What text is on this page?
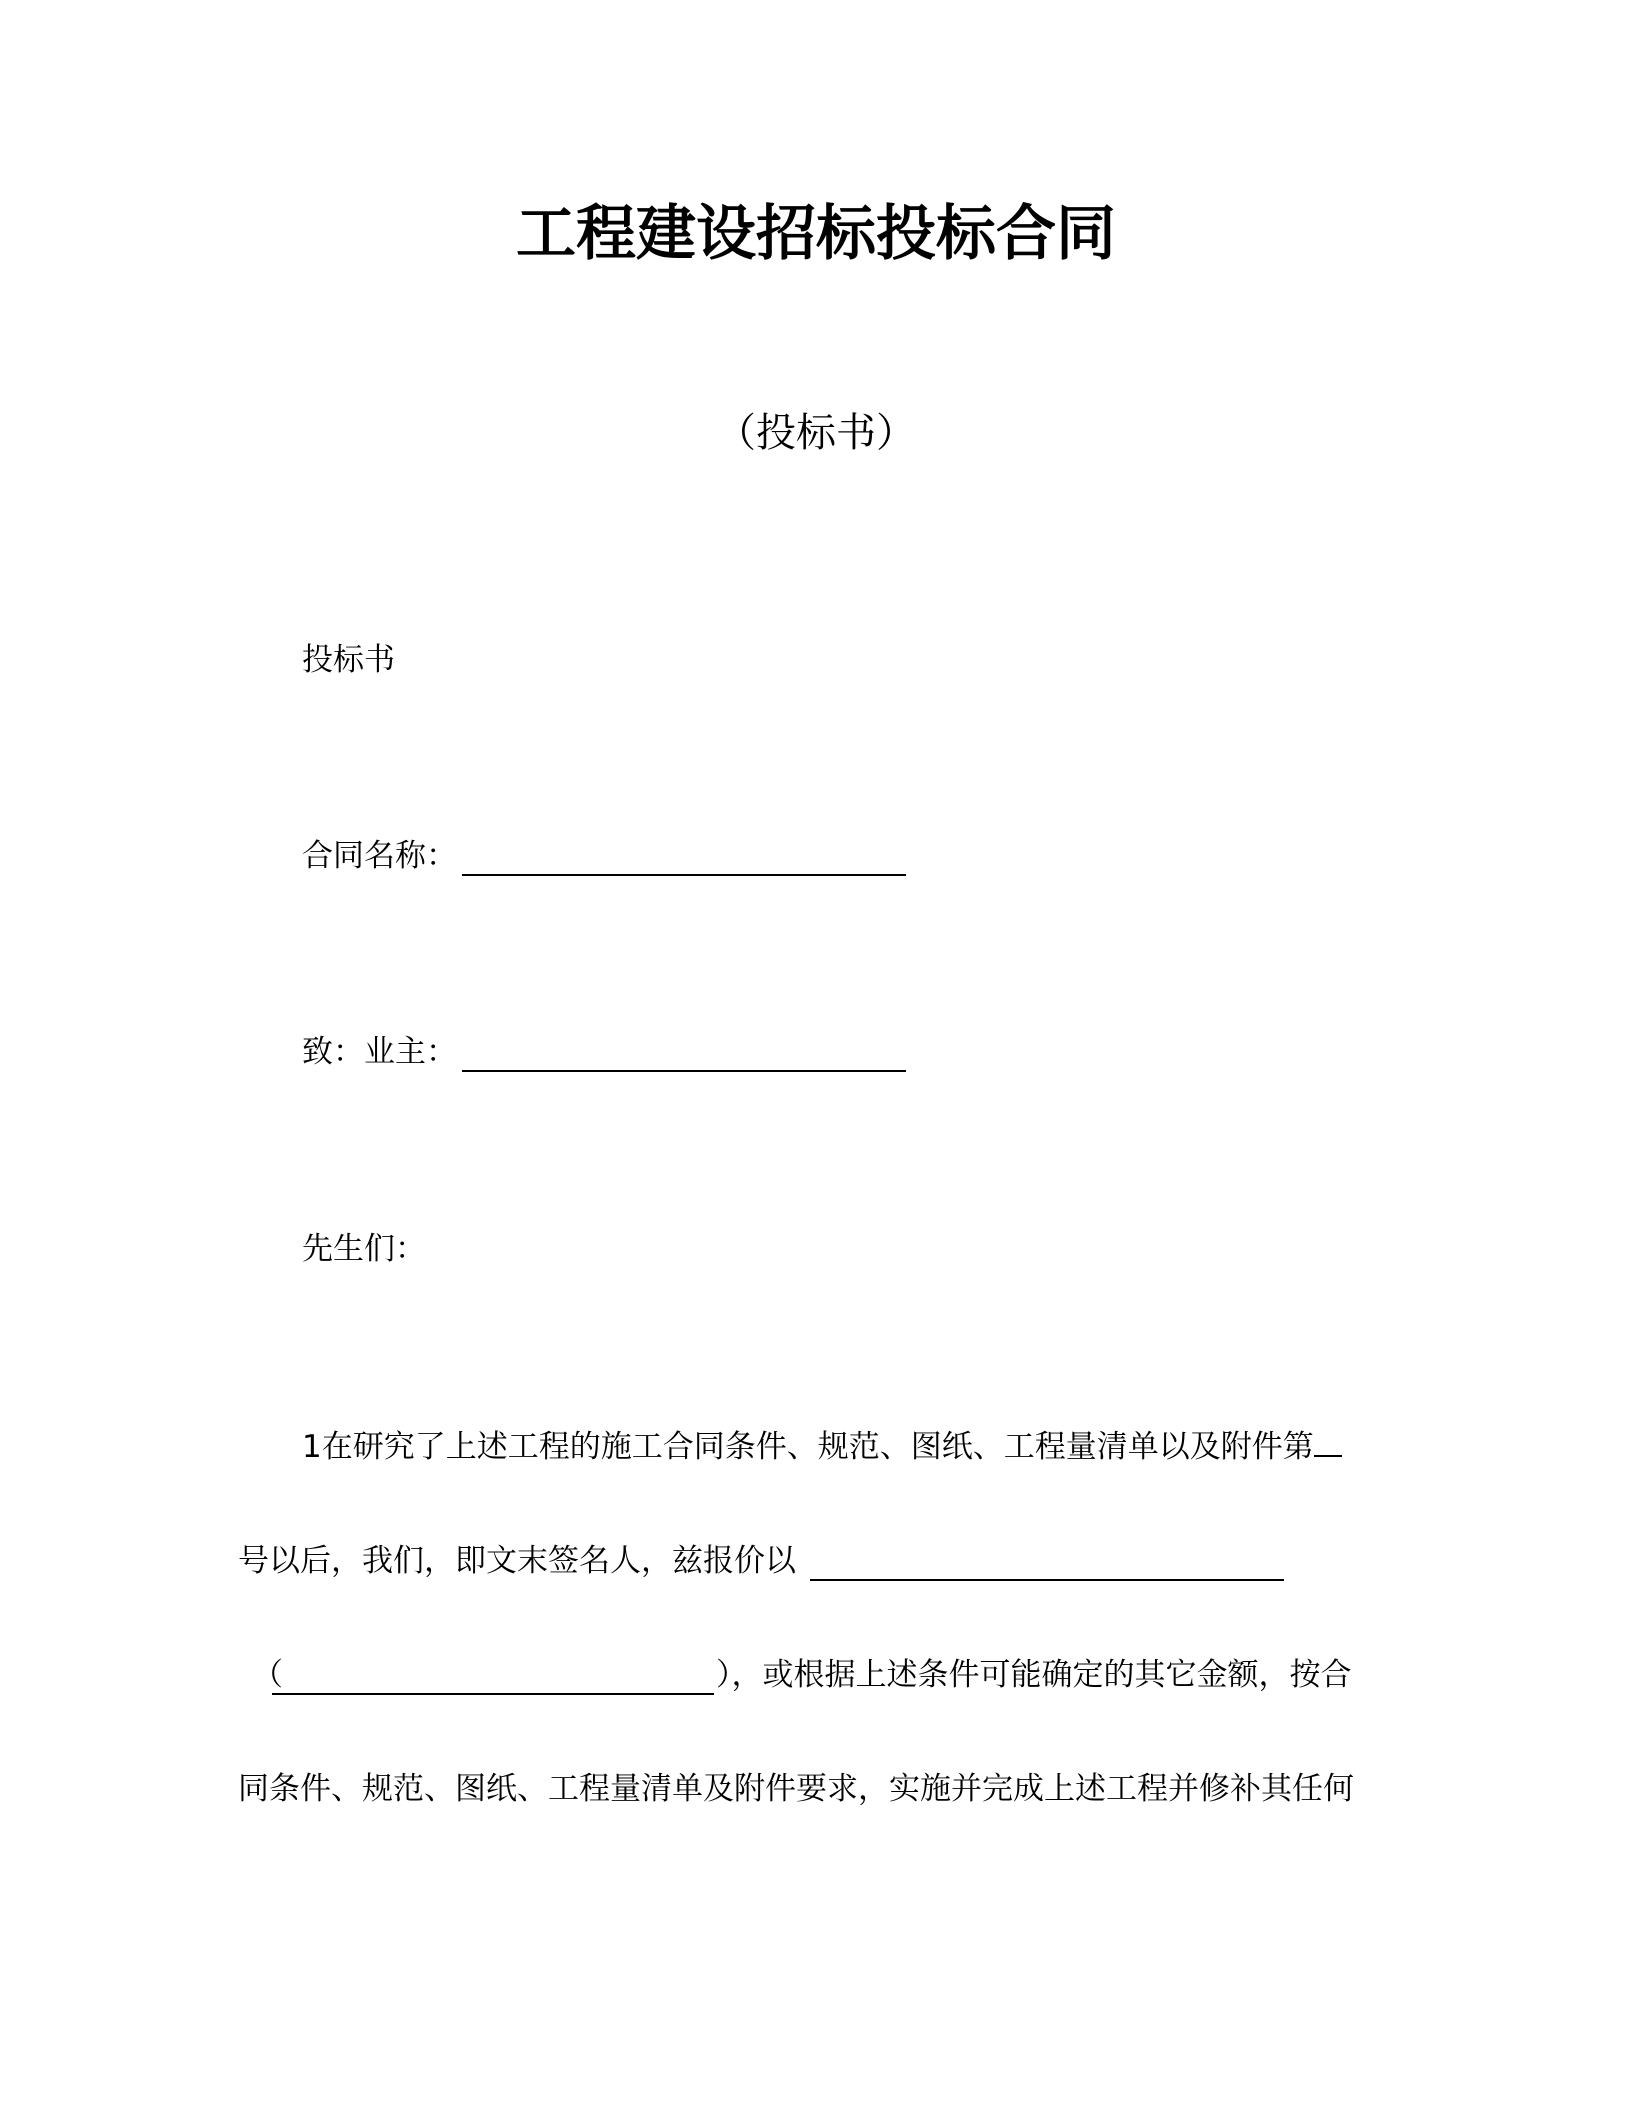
工程建设招标投标合同
（投标书）
投标书
合同名称：
致：业主：
先生们：
1在研究了上述工程的施工合同条件、规范、图纸、工程量清单以及附件第
号以后，我们，即文末签名人，兹报价以
（	），或根据上述条件可能确定的其它金额，按合
同条件、规范、图纸、工程量清单及附件要求，实施并完成上述工程并修补其任何
